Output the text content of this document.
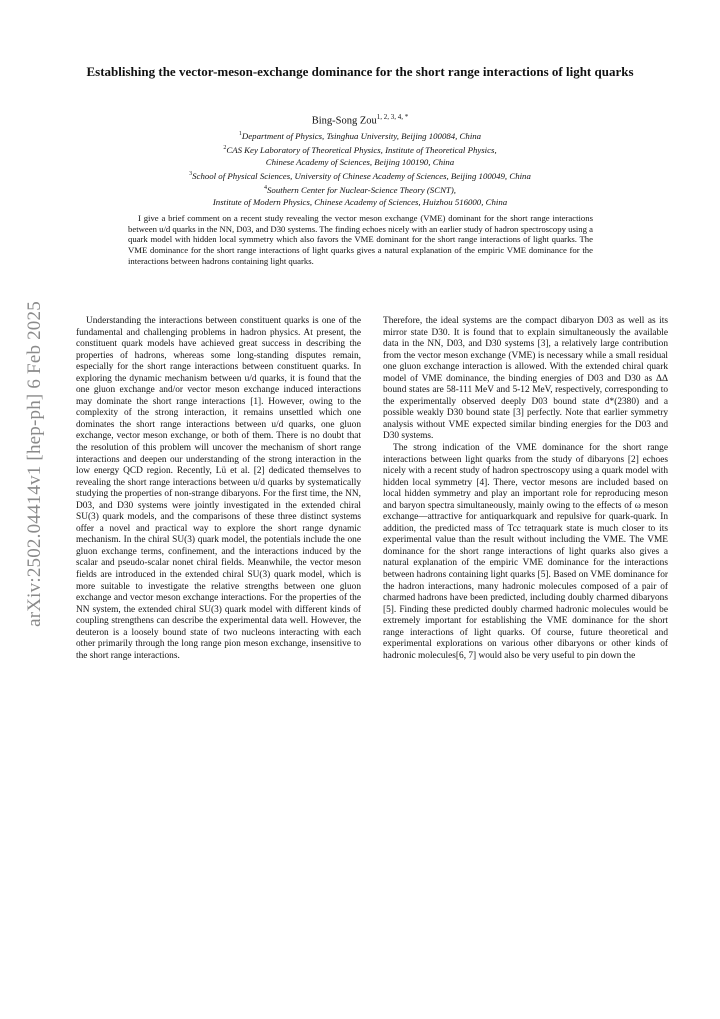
arXiv:2502.04414v1 [hep-ph] 6 Feb 2025
Establishing the vector-meson-exchange dominance for the short range interactions of light quarks
Bing-Song Zou$^{1, 2, 3, 4, *}$
$^1$Department of Physics, Tsinghua University, Beijing 100084, China
$^2$CAS Key Laboratory of Theoretical Physics, Institute of Theoretical Physics,
Chinese Academy of Sciences, Beijing 100190, China
$^3$School of Physical Sciences, University of Chinese Academy of Sciences, Beijing 100049, China
$^4$Southern Center for Nuclear-Science Theory (SCNT),
Institute of Modern Physics, Chinese Academy of Sciences, Huizhou 516000, China

I give a brief comment on a recent study revealing the vector meson exchange (VME) dominant for the short range interactions between u/d quarks in the NN, D03, and D30 systems. The finding echoes nicely with an earlier study of hadron spectroscopy using a quark model with hidden local symmetry which also favors the VME dominant for the short range interactions of light quarks. The VME dominance for the short range interactions of light quarks gives a natural explanation of the empiric VME dominance for the interactions between hadrons containing light quarks.

Understanding the interactions between constituent quarks is one of the fundamental and challenging problems in hadron physics. At present, the constituent quark models have achieved great success in describing the properties of hadrons, whereas some long-standing disputes remain, especially for the short range interactions between constituent quarks. In exploring the dynamic mechanism between u/d quarks, it is found that the one gluon exchange and/or vector meson exchange induced interactions may dominate the short range interactions [1]. However, owing to the complexity of the strong interaction, it remains unsettled which one dominates the short range interactions between u/d quarks, one gluon exchange, vector meson exchange, or both of them. There is no doubt that the resolution of this problem will uncover the mechanism of short range interactions and deepen our understanding of the strong interaction in the low energy QCD region. Recently, Lü et al. [2] dedicated themselves to revealing the short range interactions between u/d quarks by systematically studying the properties of non-strange dibaryons. For the first time, the NN, D03, and D30 systems were jointly investigated in the extended chiral SU(3) quark models, and the comparisons of these three distinct systems offer a novel and practical way to explore the short range dynamic mechanism. In the chiral SU(3) quark model, the potentials include the one gluon exchange terms, confinement, and the interactions induced by the scalar and pseudo-scalar nonet chiral fields. Meanwhile, the vector meson fields are introduced in the extended chiral SU(3) quark model, which is more suitable to investigate the relative strengths between one gluon exchange and vector meson exchange interactions. For the properties of the NN system, the extended chiral SU(3) quark model with different kinds of coupling strengthens can describe the experimental data well. However, the deuteron is a loosely bound state of two nucleons interacting with each other primarily through the long range pion meson exchange, insensitive to the short range interactions.

Therefore, the ideal systems are the compact dibaryon D03 as well as its mirror state D30. It is found that to explain simultaneously the available data in the NN, D03, and D30 systems [3], a relatively large contribution from the vector meson exchange (VME) is necessary while a small residual one gluon exchange interaction is allowed. With the extended chiral quark model of VME dominance, the binding energies of D03 and D30 as ΔΔ bound states are 58-111 MeV and 5-12 MeV, respectively, corresponding to the experimentally observed deeply D03 bound state d*(2380) and a possible weakly D30 bound state [3] perfectly. Note that earlier symmetry analysis without VME expected similar binding energies for the D03 and D30 systems.

The strong indication of the VME dominance for the short range interactions between light quarks from the study of dibaryons [2] echoes nicely with a recent study of hadron spectroscopy using a quark model with hidden local symmetry [4]. There, vector mesons are included based on local hidden symmetry and play an important role for reproducing meson and baryon spectra simultaneously, mainly owing to the effects of ω meson exchange—attractive for antiquarkquark and repulsive for quark-quark. In addition, the predicted mass of Tcc tetraquark state is much closer to its experimental value than the result without including the VME. The VME dominance for the short range interactions of light quarks also gives a natural explanation of the empiric VME dominance for the interactions between hadrons containing light quarks [5]. Based on VME dominance for the hadron interactions, many hadronic molecules composed of a pair of charmed hadrons have been predicted, including doubly charmed dibaryons [5]. Finding these predicted doubly charmed hadronic molecules would be extremely important for establishing the VME dominance for the short range interactions of light quarks. Of course, future theoretical and experimental explorations on various other dibaryons or other kinds of hadronic molecules[6, 7] would also be very useful to pin down the
